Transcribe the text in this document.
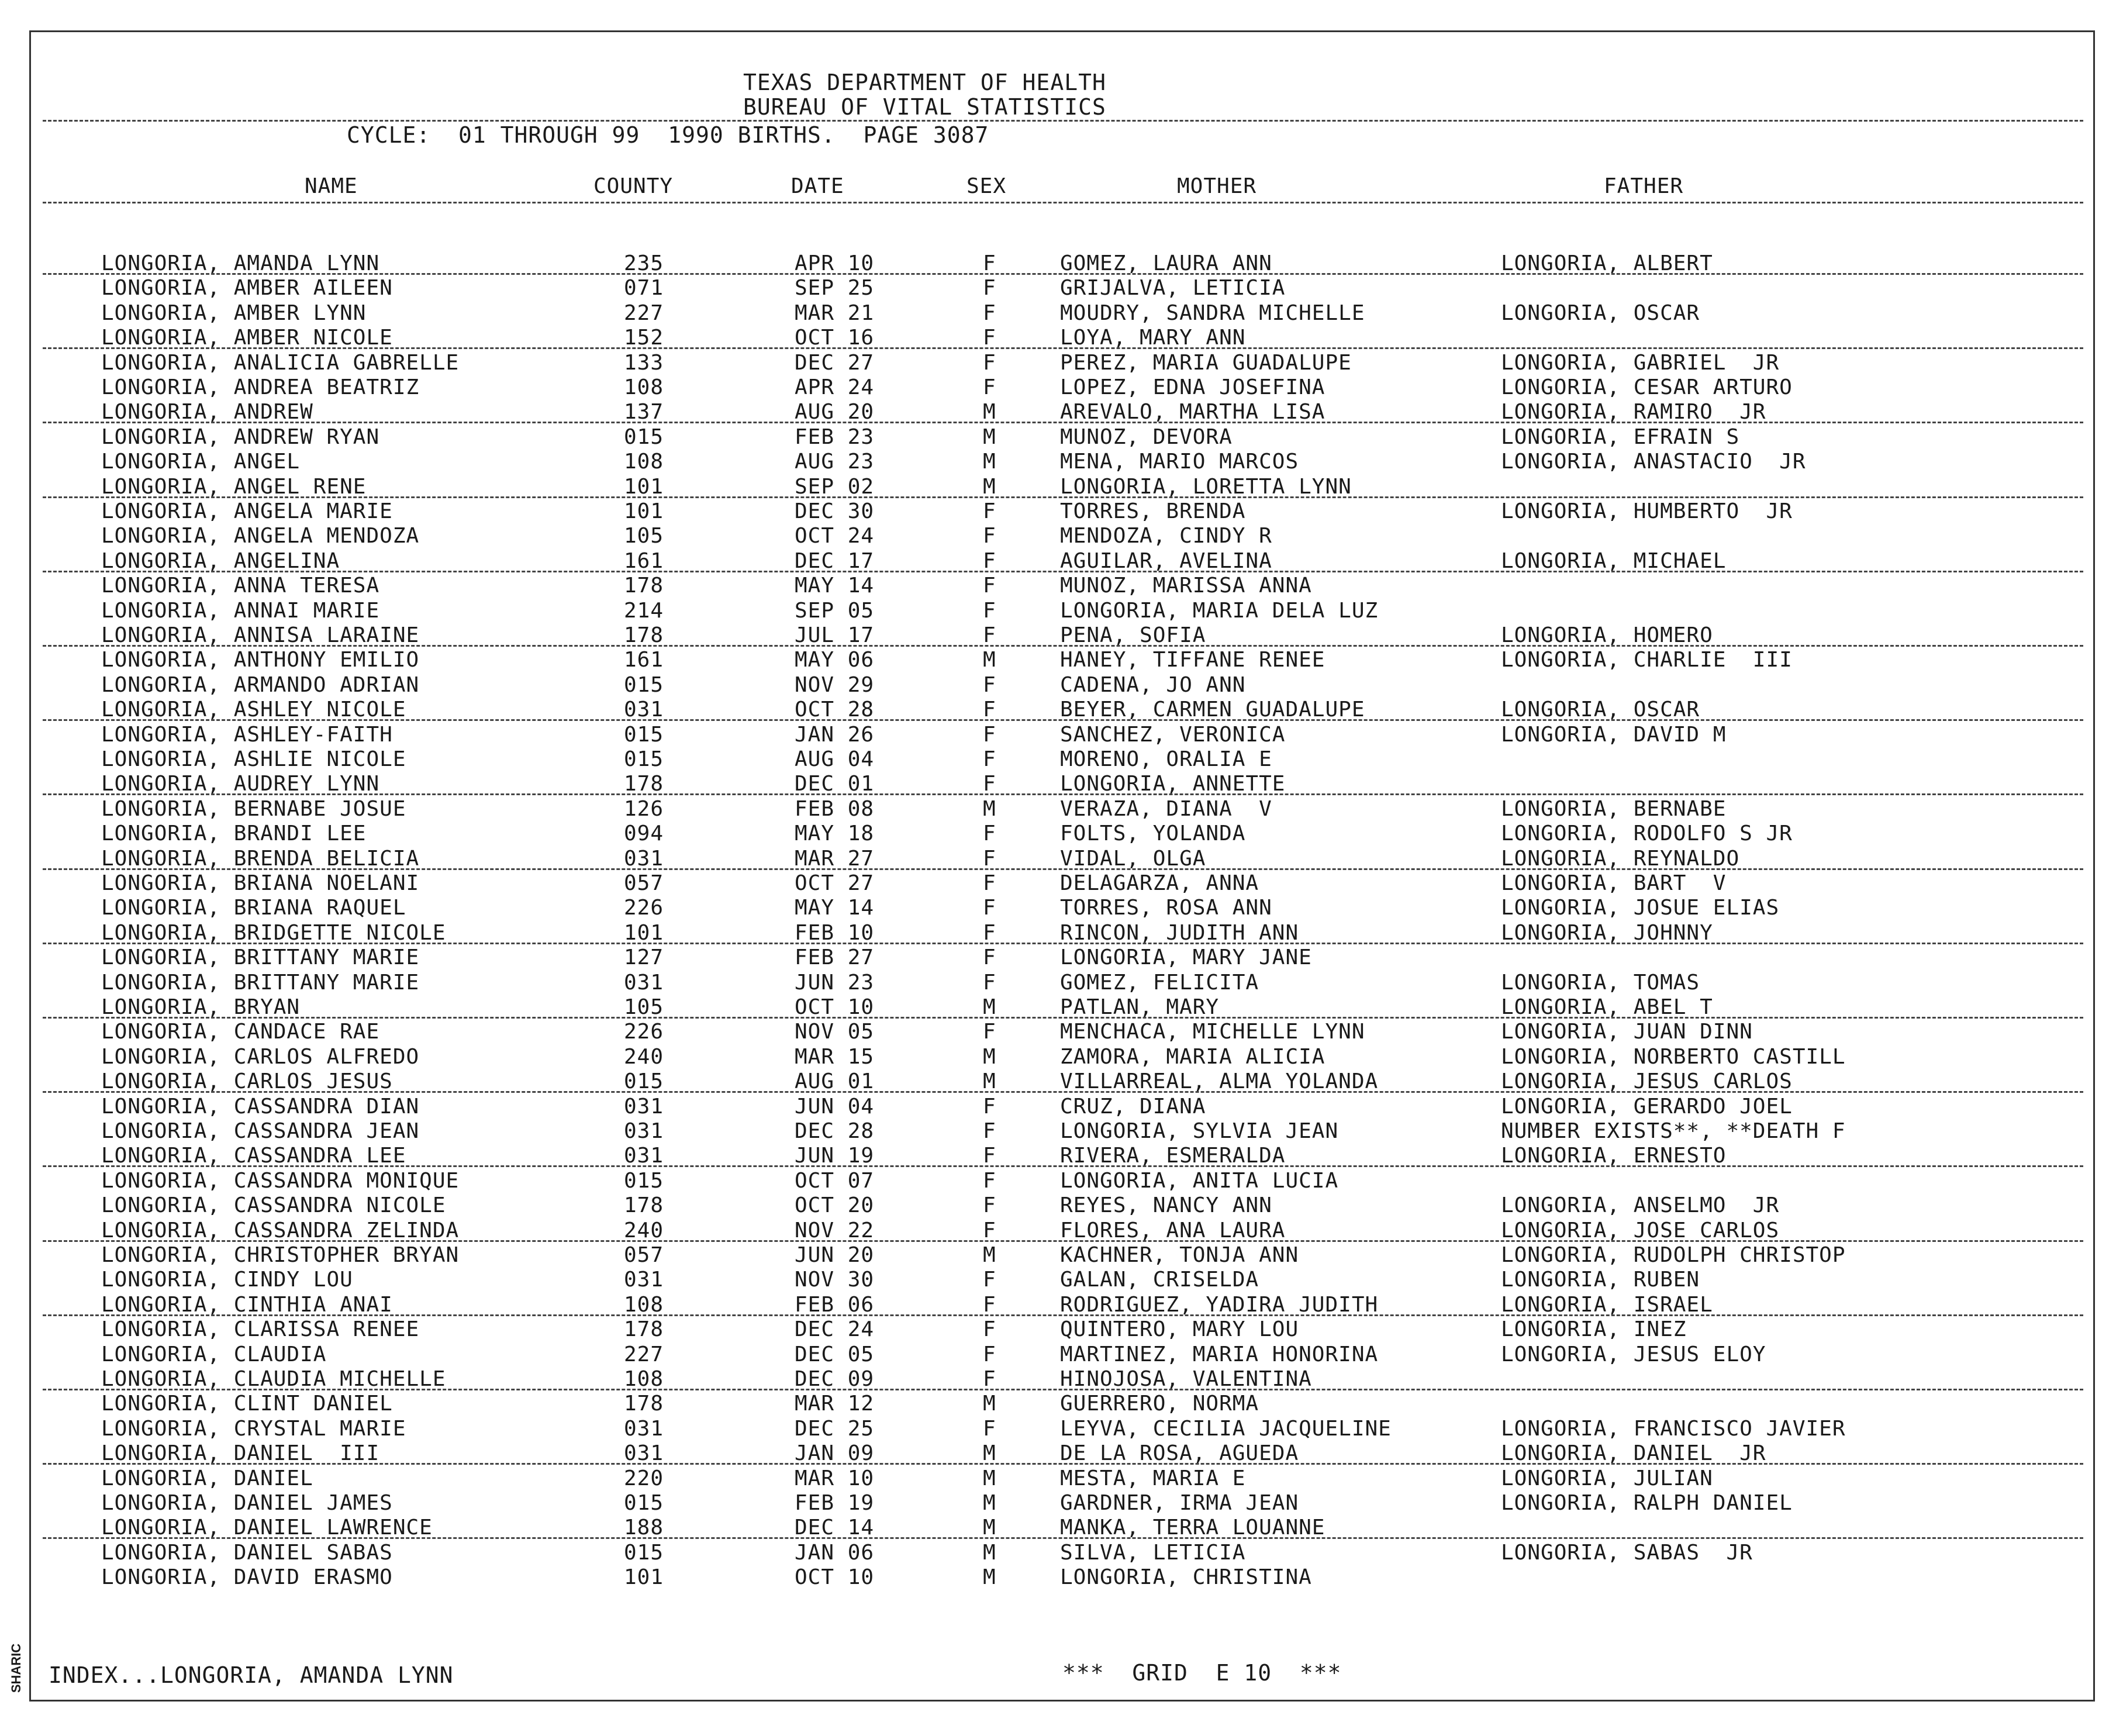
TEXAS DEPARTMENT OF HEALTH
BUREAU OF VITAL STATISTICS
CYCLE:  01 THROUGH 99  1990 BIRTHS.  PAGE 3087
NAME	COUNTY	DATE	SEX	MOTHER	FATHER
LONGORIA, AMANDA LYNN	235	APR 10	F	GOMEZ, LAURA ANN	LONGORIA, ALBERT
LONGORIA, AMBER AILEEN	071	SEP 25	F	GRIJALVA, LETICIA
LONGORIA, AMBER LYNN	227	MAR 21	F	MOUDRY, SANDRA MICHELLE	LONGORIA, OSCAR
LONGORIA, AMBER NICOLE	152	OCT 16	F	LOYA, MARY ANN
LONGORIA, ANALICIA GABRELLE	133	DEC 27	F	PEREZ, MARIA GUADALUPE	LONGORIA, GABRIEL  JR
LONGORIA, ANDREA BEATRIZ	108	APR 24	F	LOPEZ, EDNA JOSEFINA	LONGORIA, CESAR ARTURO
LONGORIA, ANDREW	137	AUG 20	M	AREVALO, MARTHA LISA	LONGORIA, RAMIRO  JR
LONGORIA, ANDREW RYAN	015	FEB 23	M	MUNOZ, DEVORA	LONGORIA, EFRAIN S
LONGORIA, ANGEL	108	AUG 23	M	MENA, MARIO MARCOS	LONGORIA, ANASTACIO  JR
LONGORIA, ANGEL RENE	101	SEP 02	M	LONGORIA, LORETTA LYNN
LONGORIA, ANGELA MARIE	101	DEC 30	F	TORRES, BRENDA	LONGORIA, HUMBERTO  JR
LONGORIA, ANGELA MENDOZA	105	OCT 24	F	MENDOZA, CINDY R
LONGORIA, ANGELINA	161	DEC 17	F	AGUILAR, AVELINA	LONGORIA, MICHAEL
LONGORIA, ANNA TERESA	178	MAY 14	F	MUNOZ, MARISSA ANNA
LONGORIA, ANNAI MARIE	214	SEP 05	F	LONGORIA, MARIA DELA LUZ
LONGORIA, ANNISA LARAINE	178	JUL 17	F	PENA, SOFIA	LONGORIA, HOMERO
LONGORIA, ANTHONY EMILIO	161	MAY 06	M	HANEY, TIFFANE RENEE	LONGORIA, CHARLIE  III
LONGORIA, ARMANDO ADRIAN	015	NOV 29	F	CADENA, JO ANN
LONGORIA, ASHLEY NICOLE	031	OCT 28	F	BEYER, CARMEN GUADALUPE	LONGORIA, OSCAR
LONGORIA, ASHLEY-FAITH	015	JAN 26	F	SANCHEZ, VERONICA	LONGORIA, DAVID M
LONGORIA, ASHLIE NICOLE	015	AUG 04	F	MORENO, ORALIA E
LONGORIA, AUDREY LYNN	178	DEC 01	F	LONGORIA, ANNETTE
LONGORIA, BERNABE JOSUE	126	FEB 08	M	VERAZA, DIANA  V	LONGORIA, BERNABE
LONGORIA, BRANDI LEE	094	MAY 18	F	FOLTS, YOLANDA	LONGORIA, RODOLFO S JR
LONGORIA, BRENDA BELICIA	031	MAR 27	F	VIDAL, OLGA	LONGORIA, REYNALDO
LONGORIA, BRIANA NOELANI	057	OCT 27	F	DELAGARZA, ANNA	LONGORIA, BART  V
LONGORIA, BRIANA RAQUEL	226	MAY 14	F	TORRES, ROSA ANN	LONGORIA, JOSUE ELIAS
LONGORIA, BRIDGETTE NICOLE	101	FEB 10	F	RINCON, JUDITH ANN	LONGORIA, JOHNNY
LONGORIA, BRITTANY MARIE	127	FEB 27	F	LONGORIA, MARY JANE
LONGORIA, BRITTANY MARIE	031	JUN 23	F	GOMEZ, FELICITA	LONGORIA, TOMAS
LONGORIA, BRYAN	105	OCT 10	M	PATLAN, MARY	LONGORIA, ABEL T
LONGORIA, CANDACE RAE	226	NOV 05	F	MENCHACA, MICHELLE LYNN	LONGORIA, JUAN DINN
LONGORIA, CARLOS ALFREDO	240	MAR 15	M	ZAMORA, MARIA ALICIA	LONGORIA, NORBERTO CASTILL
LONGORIA, CARLOS JESUS	015	AUG 01	M	VILLARREAL, ALMA YOLANDA	LONGORIA, JESUS CARLOS
LONGORIA, CASSANDRA DIAN	031	JUN 04	F	CRUZ, DIANA	LONGORIA, GERARDO JOEL
LONGORIA, CASSANDRA JEAN	031	DEC 28	F	LONGORIA, SYLVIA JEAN	NUMBER EXISTS**, **DEATH F
LONGORIA, CASSANDRA LEE	031	JUN 19	F	RIVERA, ESMERALDA	LONGORIA, ERNESTO
LONGORIA, CASSANDRA MONIQUE	015	OCT 07	F	LONGORIA, ANITA LUCIA
LONGORIA, CASSANDRA NICOLE	178	OCT 20	F	REYES, NANCY ANN	LONGORIA, ANSELMO  JR
LONGORIA, CASSANDRA ZELINDA	240	NOV 22	F	FLORES, ANA LAURA	LONGORIA, JOSE CARLOS
LONGORIA, CHRISTOPHER BRYAN	057	JUN 20	M	KACHNER, TONJA ANN	LONGORIA, RUDOLPH CHRISTOP
LONGORIA, CINDY LOU	031	NOV 30	F	GALAN, CRISELDA	LONGORIA, RUBEN
LONGORIA, CINTHIA ANAI	108	FEB 06	F	RODRIGUEZ, YADIRA JUDITH	LONGORIA, ISRAEL
LONGORIA, CLARISSA RENEE	178	DEC 24	F	QUINTERO, MARY LOU	LONGORIA, INEZ
LONGORIA, CLAUDIA	227	DEC 05	F	MARTINEZ, MARIA HONORINA	LONGORIA, JESUS ELOY
LONGORIA, CLAUDIA MICHELLE	108	DEC 09	F	HINOJOSA, VALENTINA
LONGORIA, CLINT DANIEL	178	MAR 12	M	GUERRERO, NORMA
LONGORIA, CRYSTAL MARIE	031	DEC 25	F	LEYVA, CECILIA JACQUELINE	LONGORIA, FRANCISCO JAVIER
LONGORIA, DANIEL  III	031	JAN 09	M	DE LA ROSA, AGUEDA	LONGORIA, DANIEL  JR
LONGORIA, DANIEL	220	MAR 10	M	MESTA, MARIA E	LONGORIA, JULIAN
LONGORIA, DANIEL JAMES	015	FEB 19	M	GARDNER, IRMA JEAN	LONGORIA, RALPH DANIEL
LONGORIA, DANIEL LAWRENCE	188	DEC 14	M	MANKA, TERRA LOUANNE
LONGORIA, DANIEL SABAS	015	JAN 06	M	SILVA, LETICIA	LONGORIA, SABAS  JR
LONGORIA, DAVID ERASMO	101	OCT 10	M	LONGORIA, CHRISTINA
INDEX...LONGORIA, AMANDA LYNN	***  GRID  E 10  ***
SHARIC
